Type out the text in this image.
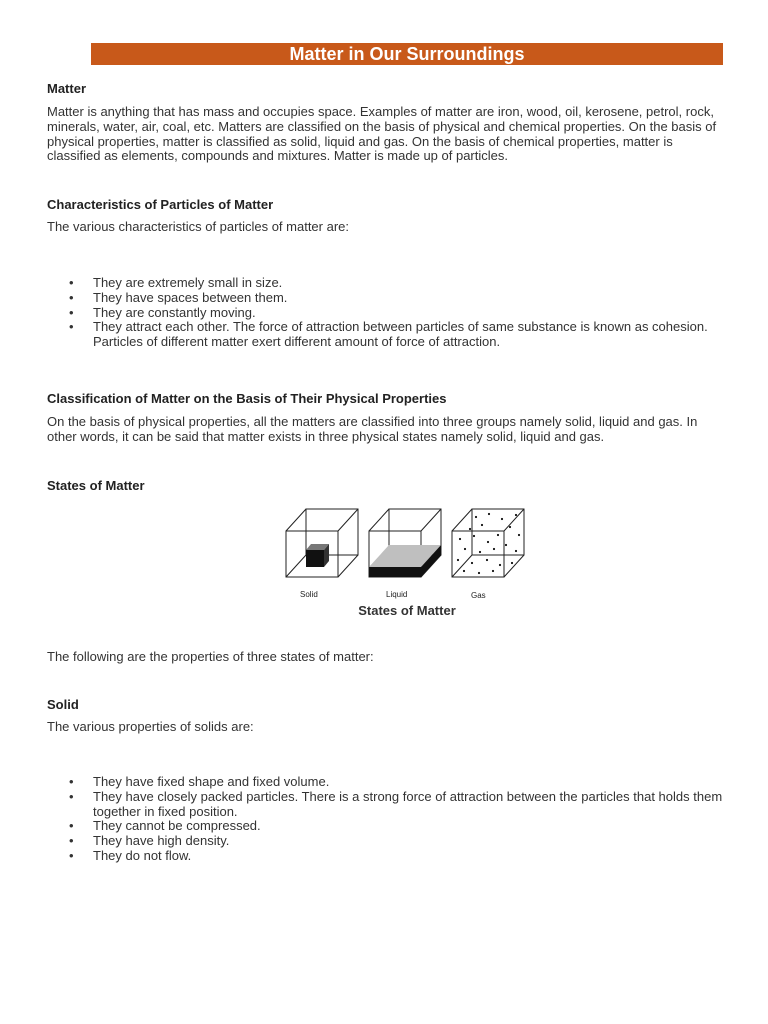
Matter in Our Surroundings
Matter

Matter is anything that has mass and occupies space. Examples of matter are iron, wood, oil, kerosene, petrol, rock, minerals, water, air, coal, etc. Matters are classified on the basis of physical and chemical properties. On the basis of physical properties, matter is classified as solid, liquid and gas. On the basis of chemical properties, matter is classified as elements, compounds and mixtures. Matter is made up of particles.

Characteristics of Particles of Matter

The various characteristics of particles of matter are:

• They are extremely small in size.
• They have spaces between them.
• They are constantly moving.
• They attract each other. The force of attraction between particles of same substance is known as cohesion. Particles of different matter exert different amount of force of attraction.
Classification of Matter on the Basis of Their Physical Properties

On the basis of physical properties, all the matters are classified into three groups namely solid, liquid and gas. In other words, it can be said that matter exists in three physical states namely solid, liquid and gas.

States of Matter
Solid	Liquid	Gas
States of Matter

The following are the properties of three states of matter:

Solid

The various properties of solids are:

• They have fixed shape and fixed volume.
• They have closely packed particles. There is a strong force of attraction between the particles that holds them together in fixed position.
• They cannot be compressed.
• They have high density.
• They do not flow.
